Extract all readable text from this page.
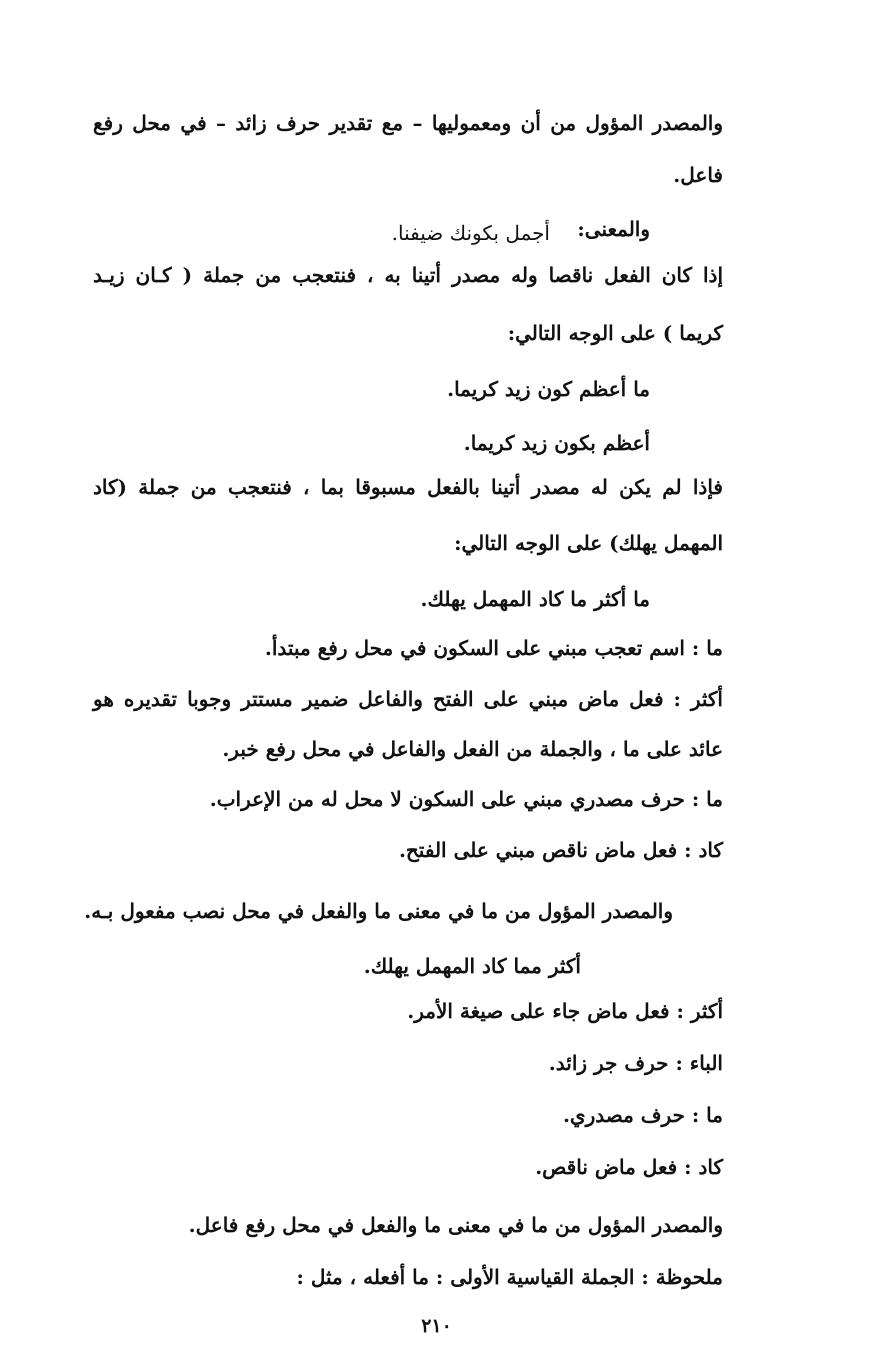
والمصدر المؤول من أن ومعموليها – مع تقدير حرف زائد – في محل رفع
فاعل.
والمعنى:
أجمل بكونك ضيفنا.
إذا كان الفعل ناقصا وله مصدر أتينا به ، فنتعجب من جملة ( كـان زيـد
كريما ) على الوجه التالي:
ما أعظم كون زيد كريما.
أعظم بكون زيد كريما.
فإذا لم يكن له مصدر أتينا بالفعل مسبوقا بما ، فنتعجب من جملة (كاد
المهمل يهلك) على الوجه التالي:
ما أكثر ما كاد المهمل يهلك.
ما : اسم تعجب مبني على السكون في محل رفع مبتدأ.
أكثر : فعل ماض مبني على الفتح والفاعل ضمير مستتر وجوبا تقديره هو
عائد على ما ، والجملة من الفعل والفاعل في محل رفع خبر.
ما : حرف مصدري مبني على السكون لا محل له من الإعراب.
كاد : فعل ماض ناقص مبني على الفتح.
والمصدر المؤول من ما في معنى ما والفعل في محل نصب مفعول بـه.
أكثر مما كاد المهمل يهلك.
أكثر : فعل ماض جاء على صيغة الأمر.
الباء : حرف جر زائد.
ما : حرف مصدري.
كاد : فعل ماض ناقص.
والمصدر المؤول من ما في معنى ما والفعل في محل رفع فاعل.
ملحوظة : الجملة القياسية الأولى : ما أفعله ، مثل :
٢١٠
